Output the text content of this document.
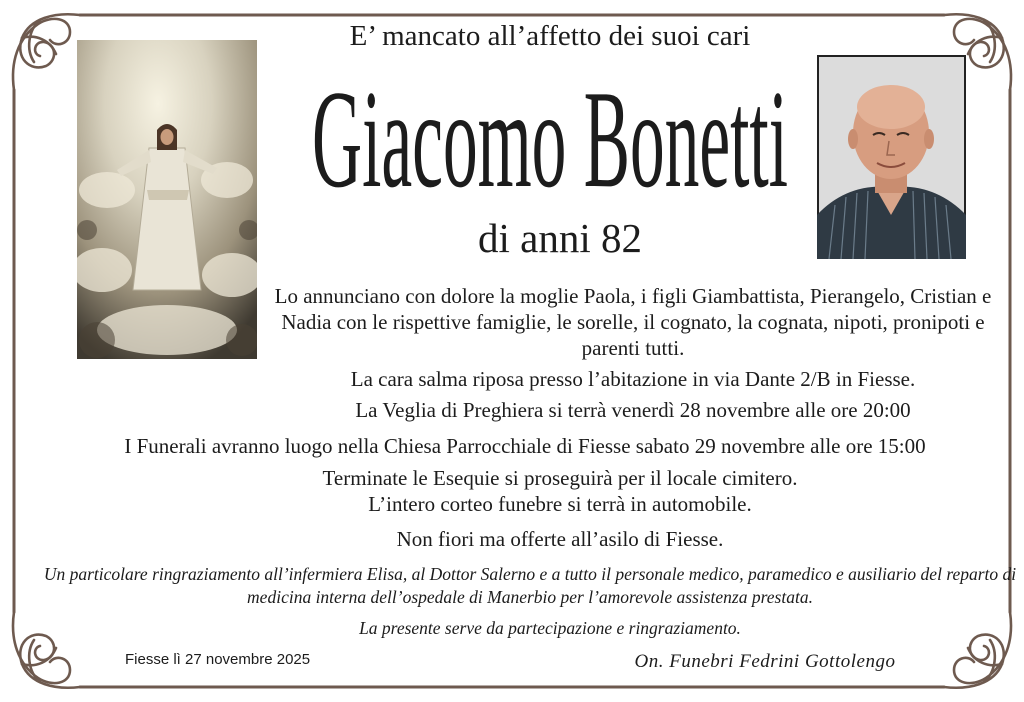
E’ mancato all’affetto dei suoi cari
Giacomo Bonetti
di anni 82
Lo annunciano con dolore la moglie Paola, i figli Giambattista, Pierangelo, Cristian e Nadia con le rispettive famiglie, le sorelle, il cognato, la cognata, nipoti, pronipoti e parenti tutti.
La cara salma riposa presso l’abitazione in via Dante 2/B in Fiesse.
La Veglia di Preghiera si terrà venerdì 28 novembre alle ore 20:00
I Funerali avranno luogo nella Chiesa Parrocchiale di Fiesse sabato 29 novembre alle ore 15:00
Terminate le Esequie si proseguirà per il locale cimitero.
L’intero corteo funebre si terrà in automobile.
Non fiori ma offerte all’asilo di Fiesse.
Un particolare ringraziamento all’infermiera Elisa, al Dottor Salerno e a tutto il personale medico, paramedico e ausiliario del reparto di medicina interna dell’ospedale di Manerbio per l’amorevole assistenza prestata.
La presente serve da partecipazione e ringraziamento.
Fiesse lì 27 novembre 2025	On. Funebri Fedrini Gottolengo
